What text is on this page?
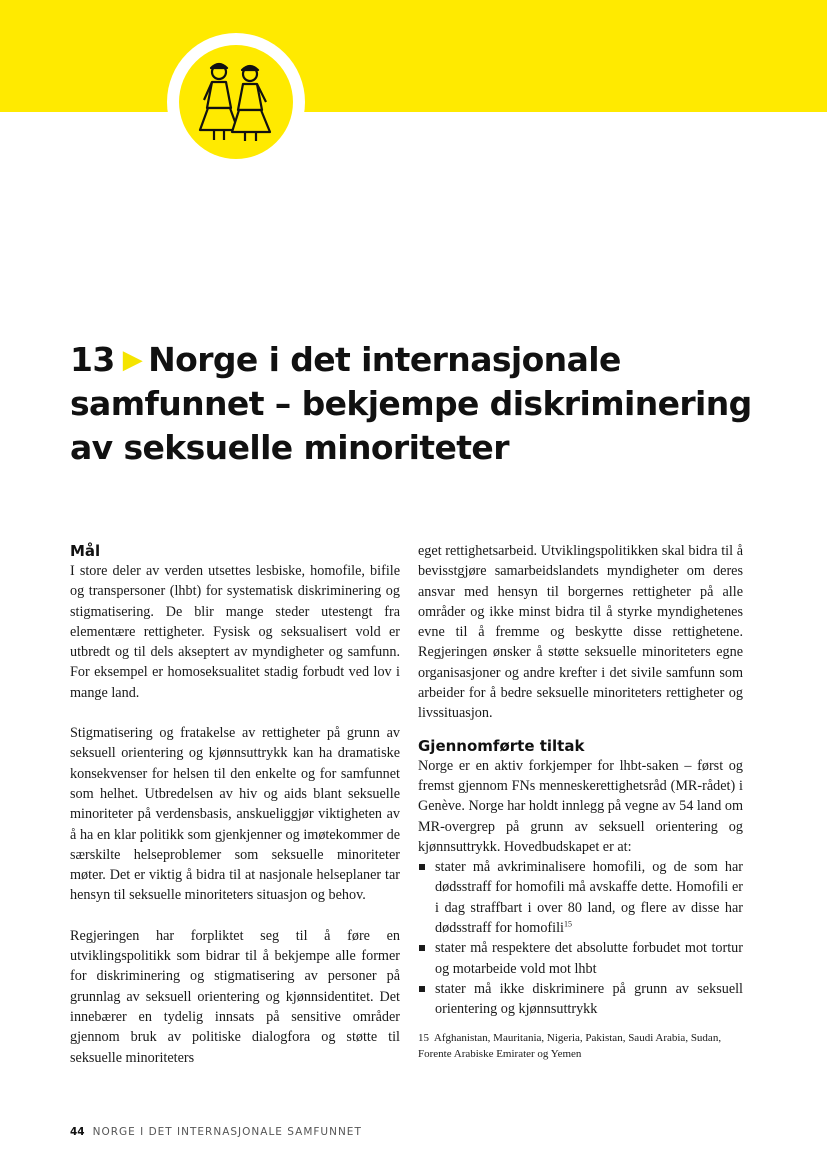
13 ▶ Norge i det internasjonale samfunnet – bekjempe diskriminering av seksuelle minoriteter
Mål

I store deler av verden utsettes lesbiske, homofile, bifile og transpersoner (lhbt) for systematisk diskriminering og stigmatisering. De blir mange steder utestengt fra elementære rettigheter. Fysisk og seksualisert vold er utbredt og til dels akseptert av myndigheter og samfunn. For eksempel er homoseksualitet stadig forbudt ved lov i mange land.

Stigmatisering og fratakelse av rettigheter på grunn av seksuell orientering og kjønnsuttrykk kan ha dramatiske konsekvenser for helsen til den enkelte og for samfunnet som helhet. Utbredelsen av hiv og aids blant seksuelle minoriteter på verdensbasis, anskueliggjør viktigheten av å ha en klar politikk som gjenkjenner og imøtekommer de særskilte helseproblemer som seksuelle minoriteter møter. Det er viktig å bidra til at nasjonale helseplaner tar hensyn til seksuelle minoriteters situasjon og behov.

Regjeringen har forpliktet seg til å føre en utviklingspolitikk som bidrar til å bekjempe alle former for diskriminering og stigmatisering av personer på grunnlag av seksuell orientering og kjønnsidentitet. Det innebærer en tydelig innsats på sensitive områder gjennom bruk av politiske dialogfora og støtte til seksuelle minoriteters

eget rettighetsarbeid. Utviklingspolitikken skal bidra til å bevisstgjøre samarbeidslandets myndigheter om deres ansvar med hensyn til borgernes rettigheter på alle områder og ikke minst bidra til å styrke myndighetenes evne til å fremme og beskytte disse rettighetene. Regjeringen ønsker å støtte seksuelle minoriteters egne organisasjoner og andre krefter i det sivile samfunn som arbeider for å bedre seksuelle minoriteters rettigheter og livssituasjon.

Gjennomførte tiltak

Norge er en aktiv forkjemper for lhbt-saken – først og fremst gjennom FNs menneskerettighetsråd (MR-rådet) i Genève. Norge har holdt innlegg på vegne av 54 land om MR-overgrep på grunn av seksuell orientering og kjønnsuttrykk. Hovedbudskapet er at:

stater må avkriminalisere homofili, og de som har dødsstraff for homofili må avskaffe dette. Homofili er i dag straffbart i over 80 land, og flere av disse har dødsstraff for homofili$^{15}$
stater må respektere det absolutte forbudet mot tortur og motarbeide vold mot lhbt
stater må ikke diskriminere på grunn av seksuell orientering og kjønnsuttrykk
15 Afghanistan, Mauritania, Nigeria, Pakistan, Saudi Arabia, Sudan, Forente Arabiske Emirater og Yemen
44 NORGE I DET INTERNASJONALE SAMFUNNET
